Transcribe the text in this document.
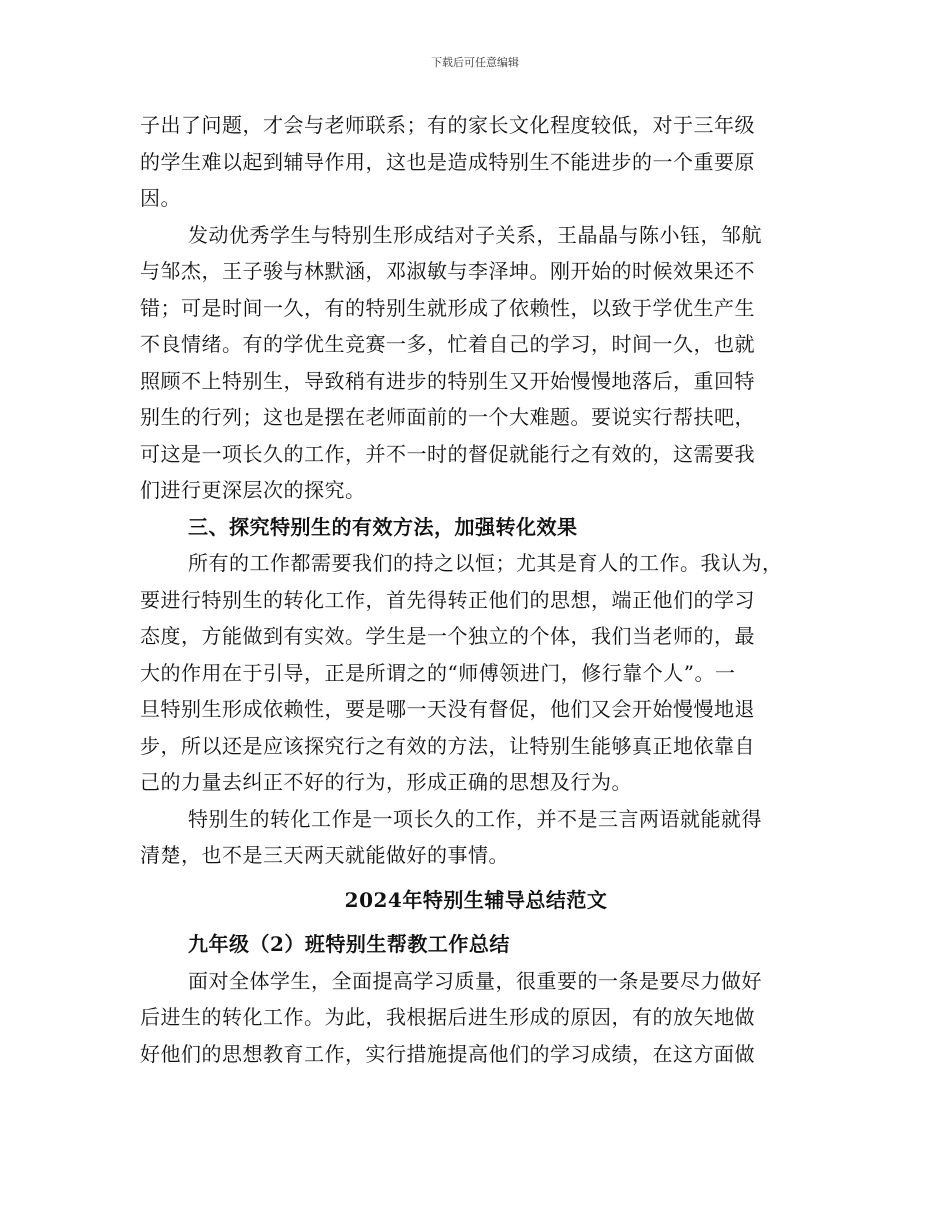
下载后可任意编辑
子出了问题，才会与老师联系；有的家长文化程度较低，对于三年级
的学生难以起到辅导作用，这也是造成特别生不能进步的一个重要原
因。
发动优秀学生与特别生形成结对子关系，王晶晶与陈小钰，邹航
与邹杰，王子骏与林默涵，邓淑敏与李泽坤。刚开始的时候效果还不
错；可是时间一久，有的特别生就形成了依赖性，以致于学优生产生
不良情绪。有的学优生竞赛一多，忙着自己的学习，时间一久，也就
照顾不上特别生，导致稍有进步的特别生又开始慢慢地落后，重回特
别生的行列；这也是摆在老师面前的一个大难题。要说实行帮扶吧，
可这是一项长久的工作，并不一时的督促就能行之有效的，这需要我
们进行更深层次的探究。
三、探究特别生的有效方法，加强转化效果
所有的工作都需要我们的持之以恒；尤其是育人的工作。我认为，
要进行特别生的转化工作，首先得转正他们的思想，端正他们的学习
态度，方能做到有实效。学生是一个独立的个体，我们当老师的，最
大的作用在于引导，正是所谓之的“师傅领进门，修行靠个人”。一
旦特别生形成依赖性，要是哪一天没有督促，他们又会开始慢慢地退
步，所以还是应该探究行之有效的方法，让特别生能够真正地依靠自
己的力量去纠正不好的行为，形成正确的思想及行为。
特别生的转化工作是一项长久的工作，并不是三言两语就能就得
清楚，也不是三天两天就能做好的事情。
2024年特别生辅导总结范文
九年级（2）班特别生帮教工作总结
面对全体学生，全面提高学习质量，很重要的一条是要尽力做好
后进生的转化工作。为此，我根据后进生形成的原因，有的放矢地做
好他们的思想教育工作，实行措施提高他们的学习成绩，在这方面做
